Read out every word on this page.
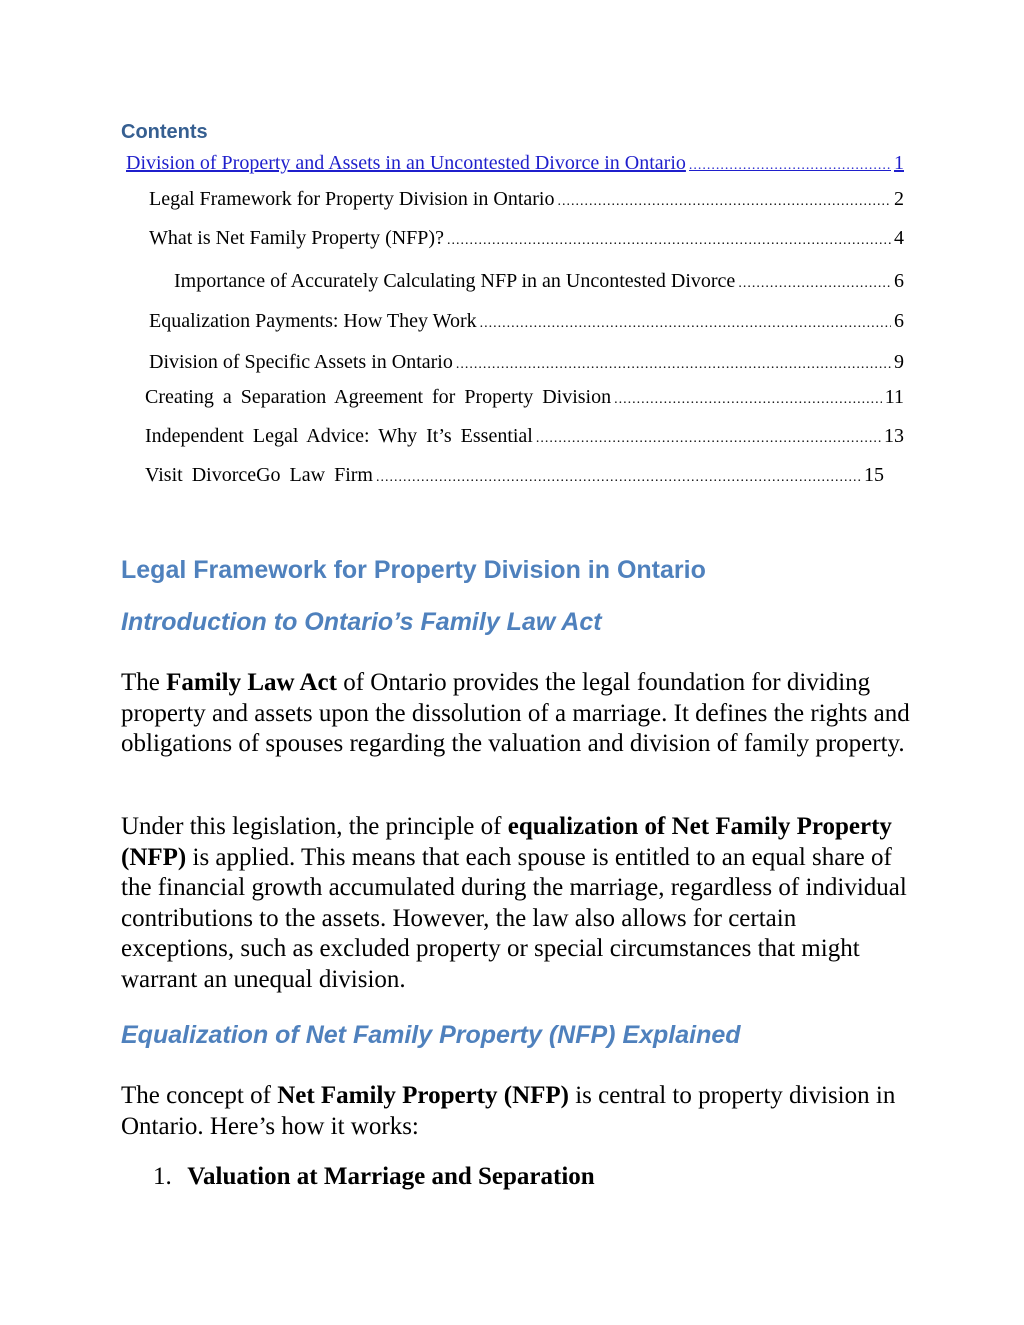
Contents
Division of Property and Assets in an Uncontested Divorce in Ontario .....	1
Legal Framework for Property Division in Ontario .....	2
What is Net Family Property (NFP)? .....	4
Importance of Accurately Calculating NFP in an Uncontested Divorce .....	6
Equalization Payments: How They Work .....	6
Division of Specific Assets in Ontario .....	9
Creating a Separation Agreement for Property Division .....	11
Independent Legal Advice: Why It’s Essential .....	13
Visit DivorceGo Law Firm .....	15
Legal Framework for Property Division in Ontario
Introduction to Ontario’s Family Law Act

The Family Law Act of Ontario provides the legal foundation for dividing property and assets upon the dissolution of a marriage. It defines the rights and obligations of spouses regarding the valuation and division of family property.

Under this legislation, the principle of equalization of Net Family Property (NFP) is applied. This means that each spouse is entitled to an equal share of the financial growth accumulated during the marriage, regardless of individual contributions to the assets. However, the law also allows for certain exceptions, such as excluded property or special circumstances that might warrant an unequal division.

Equalization of Net Family Property (NFP) Explained

The concept of Net Family Property (NFP) is central to property division in Ontario. Here’s how it works:

1. Valuation at Marriage and Separation
